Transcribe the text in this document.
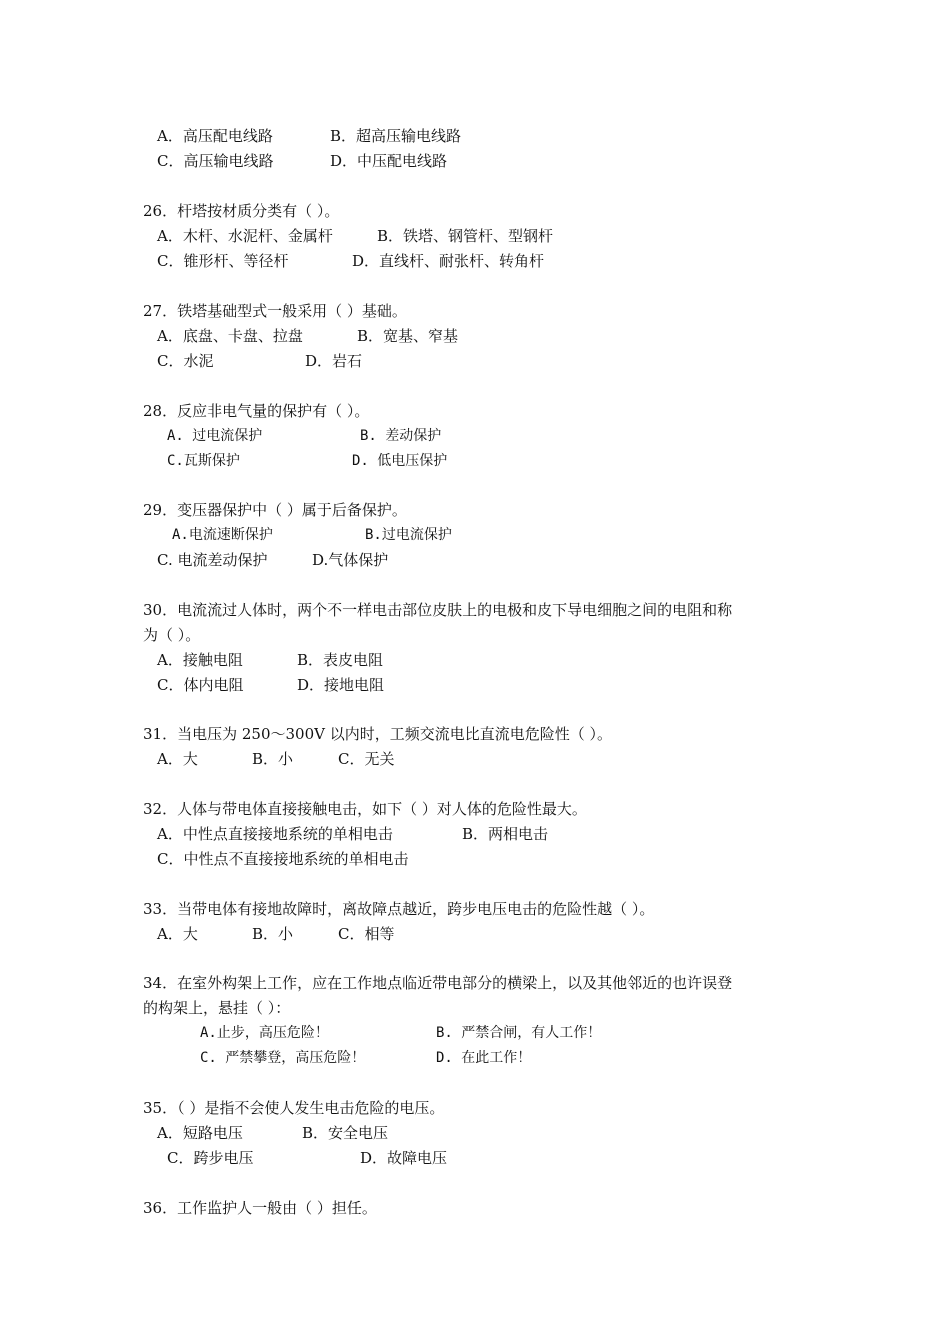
A．高压配电线路	B．超高压输电线路
C．高压输电线路	D．中压配电线路
26．杆塔按材质分类有（ ）。
A．木杆、水泥杆、金属杆	B．铁塔、钢管杆、型钢杆
C．锥形杆、等径杆	D．直线杆、耐张杆、转角杆
27．铁塔基础型式一般采用（ ）基础。
A．底盘、卡盘、拉盘	B．宽基、窄基
C．水泥	D．岩石
28．反应非电气量的保护有（ ）。
A. 过电流保护	B. 差动保护
C.瓦斯保护	D. 低电压保护
29．变压器保护中（ ）属于后备保护。
A.电流速断保护	B.过电流保护
C. 电流差动保护	D.气体保护
30．电流流过人体时，两个不一样电击部位皮肤上的电极和皮下导电细胞之间的电阻和称
为（ ）。
A．接触电阻	B．表皮电阻
C．体内电阻	D．接地电阻
31．当电压为 250～300V 以内时，工频交流电比直流电危险性（ ）。
A．大	B．小	C．无关
32．人体与带电体直接接触电击，如下（ ）对人体的危险性最大。
A．中性点直接接地系统的单相电击	B．两相电击
C．中性点不直接接地系统的单相电击
33．当带电体有接地故障时，离故障点越近，跨步电压电击的危险性越（ ）。
A．大	B．小	C．相等
34．在室外构架上工作，应在工作地点临近带电部分的横梁上，以及其他邻近的也许误登
的构架上，悬挂（ ）：
A.止步，高压危险！	B. 严禁合闸，有人工作！
C. 严禁攀登，高压危险！	D. 在此工作！
35．（ ）是指不会使人发生电击危险的电压。
A．短路电压	B．安全电压
C．跨步电压	D．故障电压
36．工作监护人一般由（ ）担任。
